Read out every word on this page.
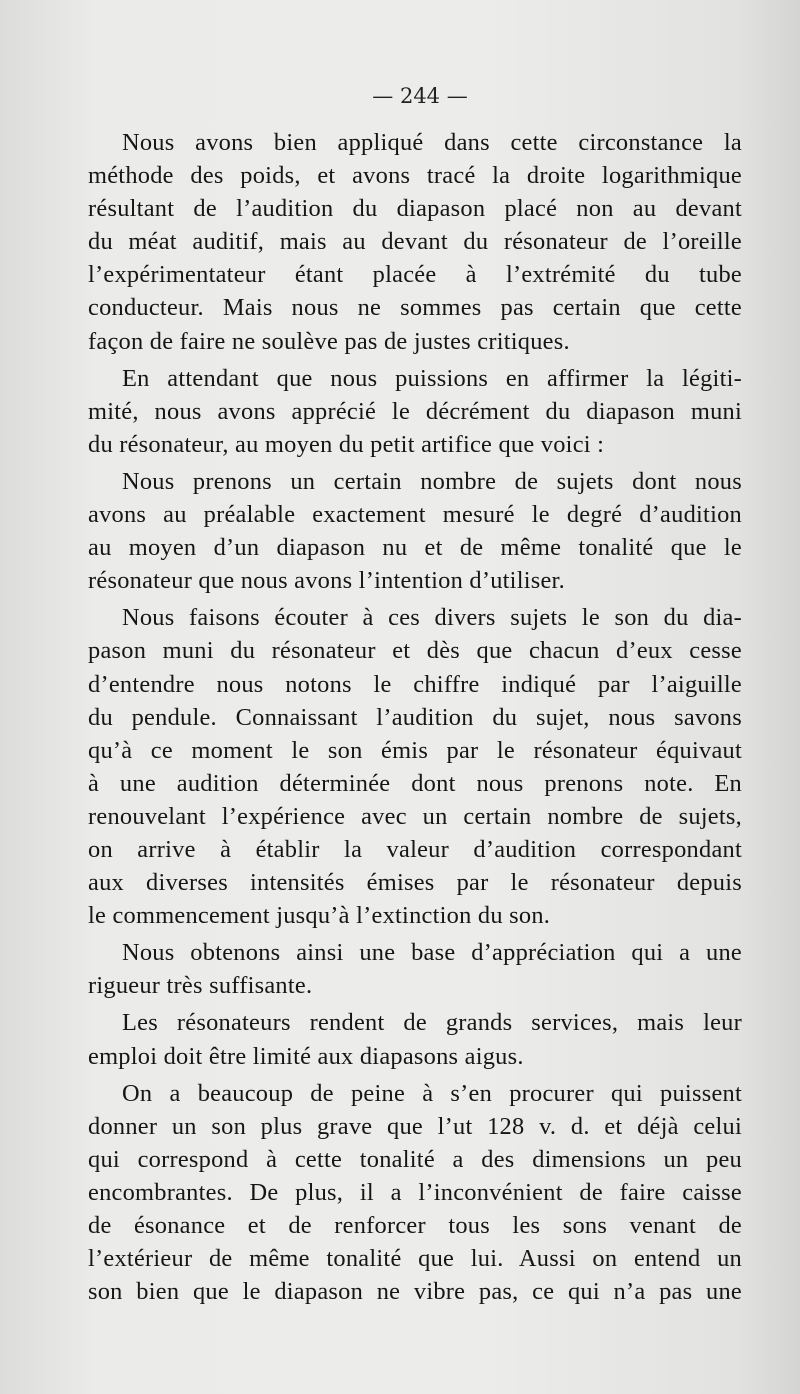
— 244 —
Nous avons bien appliqué dans cette circonstance la
méthode des poids, et avons tracé la droite logarithmique
résultant de l’audition du diapason placé non au devant
du méat auditif, mais au devant du résonateur de l’oreille
l’expérimentateur étant placée à l’extrémité du tube
conducteur. Mais nous ne sommes pas certain que cette
façon de faire ne soulève pas de justes critiques.
En attendant que nous puissions en affirmer la légiti-
mité, nous avons apprécié le décrément du diapason muni
du résonateur, au moyen du petit artifice que voici :
Nous prenons un certain nombre de sujets dont nous
avons au préalable exactement mesuré le degré d’audition
au moyen d’un diapason nu et de même tonalité que le
résonateur que nous avons l’intention d’utiliser.
Nous faisons écouter à ces divers sujets le son du dia-
pason muni du résonateur et dès que chacun d’eux cesse
d’entendre nous notons le chiffre indiqué par l’aiguille
du pendule. Connaissant l’audition du sujet, nous savons
qu’à ce moment le son émis par le résonateur équivaut
à une audition déterminée dont nous prenons note. En
renouvelant l’expérience avec un certain nombre de sujets,
on arrive à établir la valeur d’audition correspondant
aux diverses intensités émises par le résonateur depuis
le commencement jusqu’à l’extinction du son.
Nous obtenons ainsi une base d’appréciation qui a une
rigueur très suffisante.
Les résonateurs rendent de grands services, mais leur
emploi doit être limité aux diapasons aigus.
On a beaucoup de peine à s’en procurer qui puissent
donner un son plus grave que l’ut 128 v. d. et déjà celui
qui correspond à cette tonalité a des dimensions un peu
encombrantes. De plus, il a l’inconvénient de faire caisse
de ésonance et de renforcer tous les sons venant de
l’extérieur de même tonalité que lui. Aussi on entend un
son bien que le diapason ne vibre pas, ce qui n’a pas une
